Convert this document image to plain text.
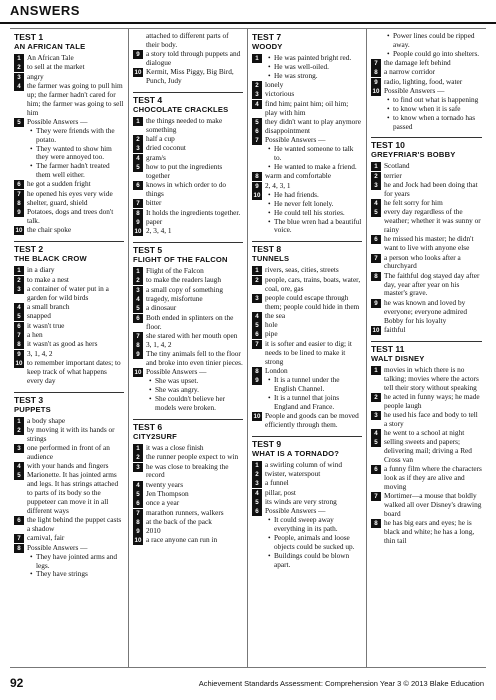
ANSWERS
TEST 1
AN AFRICAN TALE
1 An African Tale
2 to sell at the market
3 angry
4 the farmer was going to pull him up; the farmer hadn't cared for him; the farmer was going to sell him
5 Possible Answers —
• They were friends with the potato.
• They wanted to show him they were annoyed too.
• The farmer hadn't treated them well either.
6 he got a sudden fright
7 he opened his eyes very wide
8 shelter, guard, shield
9 Potatoes, dogs and trees don't talk.
10 the chair spoke
TEST 2
THE BLACK CROW
1 in a diary
2 to make a nest
3 a container of water put in a garden for wild birds
4 a small branch
5 snapped
6 it wasn't true
7 a hen
8 it wasn't as good as hers
9 3, 1, 4, 2
10 to remember important dates; to keep track of what happens every day
TEST 3
PUPPETS
1 a body shape
2 by moving it with its hands or strings
3 one performed in front of an audience
4 with your hands and fingers
5 Marionette. It has jointed arms and legs. It has strings attached to parts of its body so the puppeteer can move it in all different ways
6 the light behind the puppet casts a shadow
7 carnival, fair
8 Possible Answers —
• They have jointed arms and legs.
• They have strings
attached to different parts of their body.
9 a story told through puppets and dialogue
10 Kermit, Miss Piggy, Big Bird, Punch, Judy
TEST 4
CHOCOLATE CRACKLES
1 the things needed to make something
2 half a cup
3 dried coconut
4 gram/s
5 how to put the ingredients together
6 knows in which order to do things
7 bitter
8 It holds the ingredients together.
9 paper
10 2, 3, 4, 1
TEST 5
FLIGHT OF THE FALCON
1 Flight of the Falcon
2 to make the readers laugh
3 a small copy of something
4 tragedy, misfortune
5 a dinosaur
6 Both ended in splinters on the floor.
7 she stared with her mouth open
8 3, 1, 4, 2
9 The tiny animals fell to the floor and broke into even tinier pieces.
10 Possible Answers —
• She was upset.
• She was angry.
• She couldn't believe her models were broken.
TEST 6
CITY2SURF
1 it was a close finish
2 the runner people expect to win
3 he was close to breaking the record
4 twenty years
5 Jen Thompson
6 once a year
7 marathon runners, walkers
8 at the back of the pack
9 2010
10 a race anyone can run in
TEST 7
WOODY
1	• He was painted bright red.
• He was well-oiled.
• He was strong.
2 lonely
3 victorious
4 find him; paint him; oil him; play with him
5 they didn't want to play anymore
6 disappointment
7 Possible Answers —
• He wanted someone to talk to.
• He wanted to make a friend.
8 warm and comfortable
9 2, 4, 3, 1
10 • He had friends.
• He never felt lonely.
• He could tell his stories.
• The blue wren had a beautiful voice.
TEST 8
TUNNELS
1 rivers, seas, cities, streets
2 people, cars, trains, boats, water, coal, ore, gas
3 people could escape through them; people could hide in them
4 the sea
5 hole
6 pipe
7 it is softer and easier to dig; it needs to be lined to make it strong
8 London
9	• It is a tunnel under the English Channel.
• It is a tunnel that joins England and France.
10 People and goods can be moved efficiently through them.
TEST 9
WHAT IS A TORNADO?
1 a swirling column of wind
2 twister, waterspout
3 a funnel
4 pillar, post
5 its winds are very strong
6 Possible Answers —
• It could sweep away everything in its path.
• People, animals and loose objects could be sucked up.
• Buildings could be blown apart.
• Power lines could be ripped away.
• People could go into shelters.
7 the damage left behind
8 a narrow corridor
9 radio, lighting, food, water
10 Possible Answers —
• to find out what is happening
• to know when it is safe
• to know when a tornado has passed
TEST 10
GREYFRIAR'S BOBBY
1 Scotland
2 terrier
3 he and Jock had been doing that for years
4 he felt sorry for him
5 every day regardless of the weather; whether it was sunny or rainy
6 he missed his master; he didn't want to live with anyone else
7 a person who looks after a churchyard
8 The faithful dog stayed day after day, year after year on his master's grave.
9 he was known and loved by everyone; everyone admired Bobby for his loyalty
10 faithful
TEST 11
WALT DISNEY
1 movies in which there is no talking; movies where the actors tell their story without speaking
2 he acted in funny ways; he made people laugh
3 he used his face and body to tell a story
4 he went to a school at night
5 selling sweets and papers; delivering mail; driving a Red Cross van
6 a funny film where the characters look as if they are alive and moving
7 Mortimer—a mouse that boldly walked all over Disney's drawing board
8 he has big ears and eyes; he is black and white; he has a long, thin tail
92	Achievement Standards Assessment: Comprehension Year 3 © 2013 Blake Education
